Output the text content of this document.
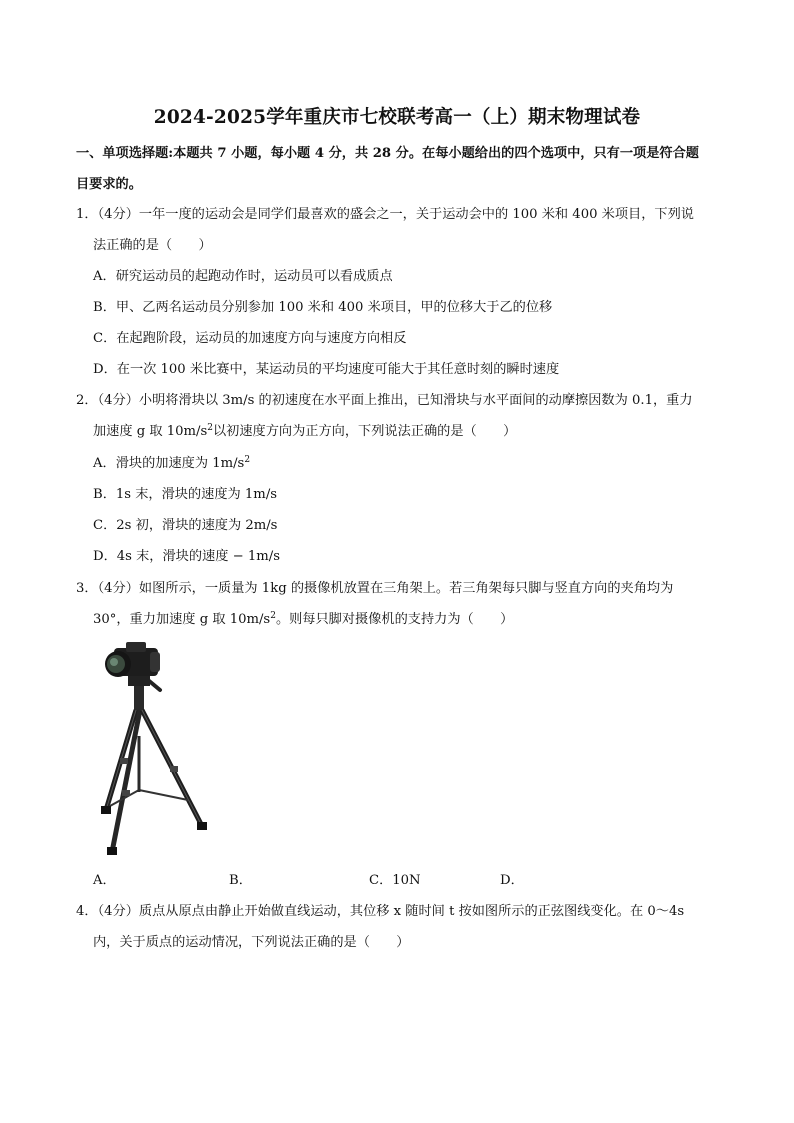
2024-2025学年重庆市七校联考高一（上）期末物理试卷
一、单项选择题:本题共 7 小题，每小题 4 分，共 28 分。在每小题给出的四个选项中，只有一项是符合题
目要求的。
1．（4分）一年一度的运动会是同学们最喜欢的盛会之一，关于运动会中的 100 米和 400 米项目，下列说
法正确的是（　　）
A．研究运动员的起跑动作时，运动员可以看成质点
B．甲、乙两名运动员分别参加 100 米和 400 米项目，甲的位移大于乙的位移
C．在起跑阶段，运动员的加速度方向与速度方向相反
D．在一次 100 米比赛中，某运动员的平均速度可能大于其任意时刻的瞬时速度
2．（4分）小明将滑块以 3m/s 的初速度在水平面上推出，已知滑块与水平面间的动摩擦因数为 0.1，重力
加速度 g 取 $10m/s^2$以初速度方向为正方向，下列说法正确的是（　　）
A．滑块的加速度为 $1m/s^2$
B．1s 末，滑块的速度为 1m/s
C．2s 初，滑块的速度为 2m/s
D．4s 末，滑块的速度 − 1m/s
3．（4分）如图所示，一质量为 1kg 的摄像机放置在三角架上。若三角架每只脚与竖直方向的夹角均为
30°，重力加速度 g 取 $10m/s^2$。则每只脚对摄像机的支持力为（　　）
A．	B．	C．10N	D．
4．（4分）质点从原点由静止开始做直线运动，其位移 x 随时间 t 按如图所示的正弦图线变化。在 0～4s
内，关于质点的运动情况，下列说法正确的是（　　）
